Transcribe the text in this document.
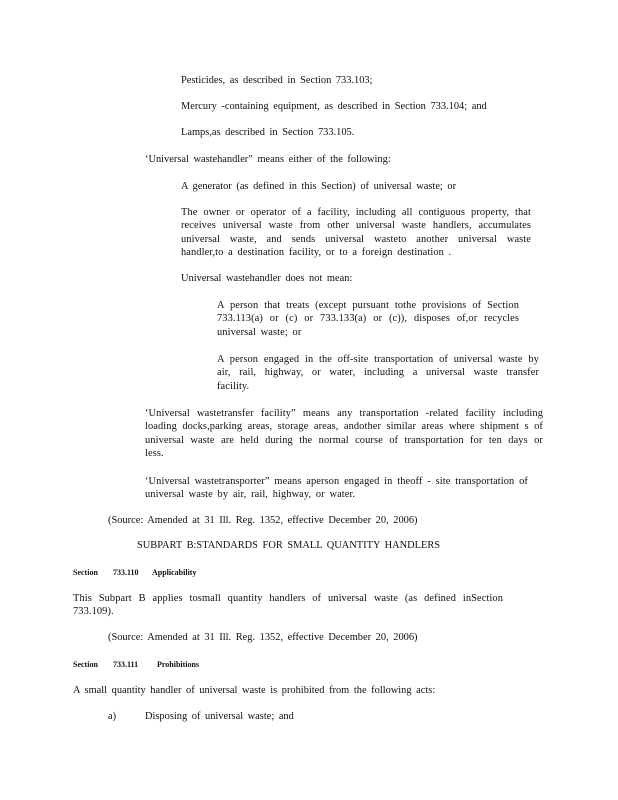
Pesticides, as described in Section 733.103;

Mercury -containing equipment, as described in Section 733.104; and

Lamps,as described in Section 733.105.

‘Universal wastehandler” means either of the following:

A generator (as defined in this Section) of universal waste; or

The owner or operator of a facility, including all contiguous property, that receives universal waste from other universal waste handlers, accumulates universal waste, and sends universal wasteto another universal waste handler,to a destination facility, or to a foreign destination .

Universal wastehandler does not mean:

A person that treats (except pursuant tothe provisions of Section 733.113(a) or (c) or 733.133(a) or (c)), disposes of,or recycles universal waste; or

A person engaged in the off-site transportation of universal waste by air, rail, highway, or water, including a universal waste transfer facility.

‘Universal wastetransfer facility” means any transportation -related facility including loading docks,parking areas, storage areas, andother similar areas where shipment s of universal waste are held during the normal course of transportation for ten days or less.

‘Universal wastetransporter” means aperson engaged in theoff - site transportation of universal waste by air, rail, highway, or water.

(Source: Amended at 31 Ill. Reg. 1352, effective December 20, 2006)

SUBPART B:STANDARDS FOR SMALL QUANTITY HANDLERS

Section 733.110 Applicability

This Subpart B applies tosmall quantity handlers of universal waste (as defined inSection 733.109).

(Source: Amended at 31 Ill. Reg. 1352, effective December 20, 2006)

Section 733.111 Prohibitions

A small quantity handler of universal waste is prohibited from the following acts:

a)	Disposing of universal waste; and
